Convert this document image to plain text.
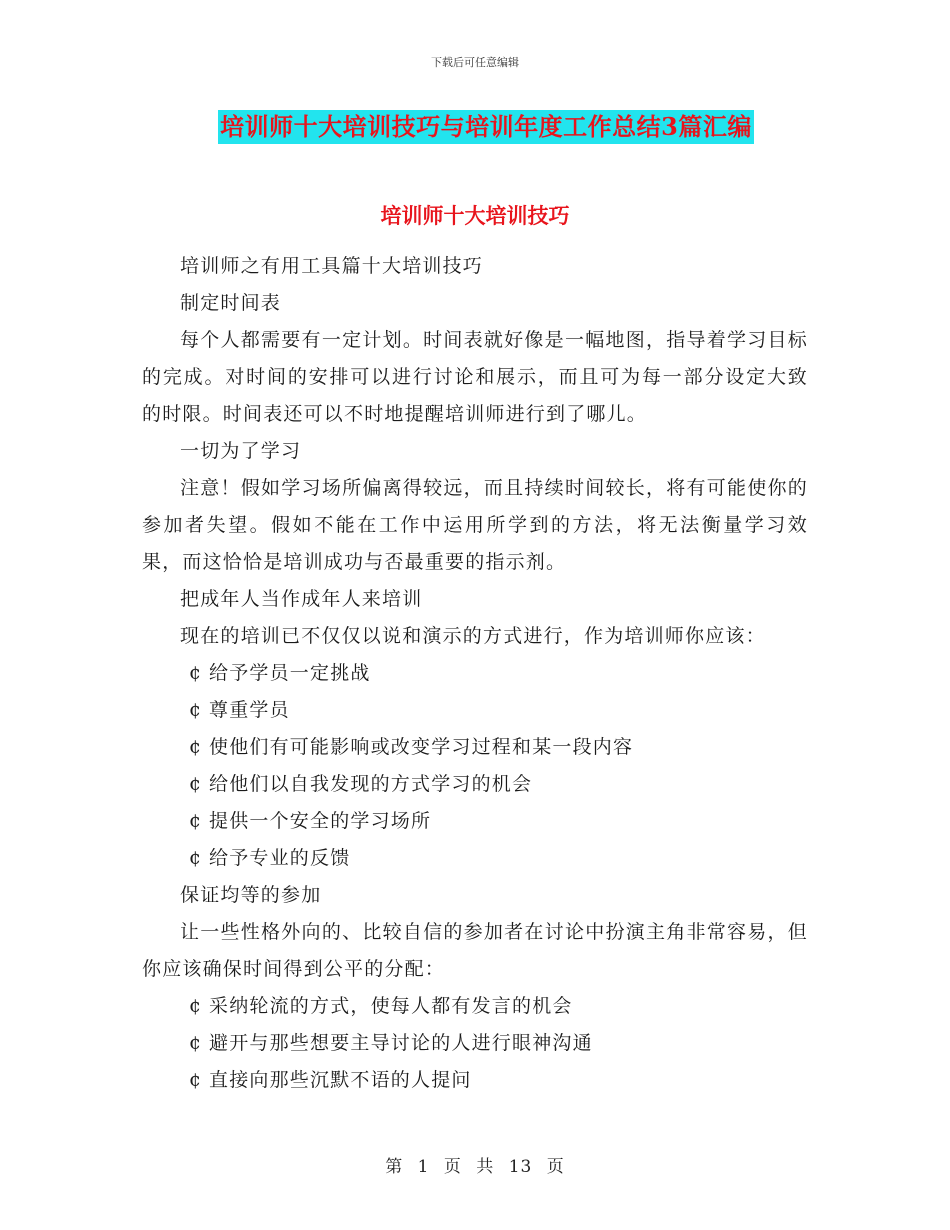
下载后可任意编辑
培训师十大培训技巧与培训年度工作总结3篇汇编
培训师十大培训技巧

培训师之有用工具篇十大培训技巧

制定时间表

每个人都需要有一定计划。时间表就好像是一幅地图，指导着学习目标的完成。对时间的安排可以进行讨论和展示，而且可为每一部分设定大致的时限。时间表还可以不时地提醒培训师进行到了哪儿。

一切为了学习

注意！假如学习场所偏离得较远，而且持续时间较长，将有可能使你的参加者失望。假如不能在工作中运用所学到的方法，将无法衡量学习效果，而这恰恰是培训成功与否最重要的指示剂。

把成年人当作成年人来培训

现在的培训已不仅仅以说和演示的方式进行，作为培训师你应该：

¢ 给予学员一定挑战

¢ 尊重学员

¢ 使他们有可能影响或改变学习过程和某一段内容

¢ 给他们以自我发现的方式学习的机会

¢ 提供一个安全的学习场所

¢ 给予专业的反馈

保证均等的参加

让一些性格外向的、比较自信的参加者在讨论中扮演主角非常容易，但你应该确保时间得到公平的分配：

¢ 采纳轮流的方式，使每人都有发言的机会

¢ 避开与那些想要主导讨论的人进行眼神沟通

¢ 直接向那些沉默不语的人提问

第 1 页 共 13 页
